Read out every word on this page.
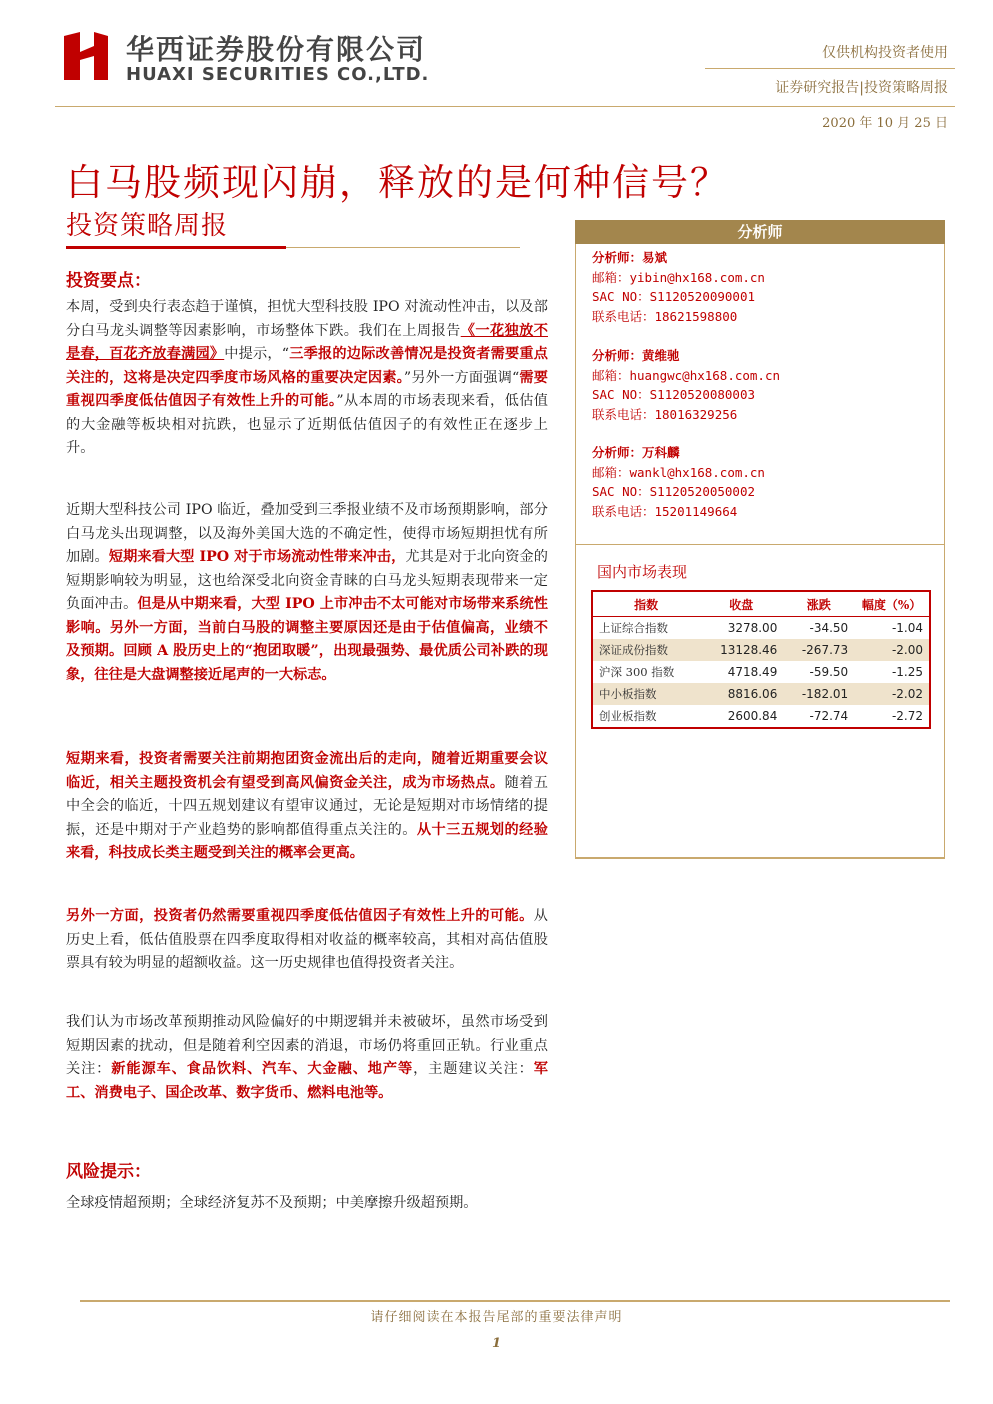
华西证券股份有限公司
HUAXI SECURITIES CO.,LTD.
仅供机构投资者使用
证券研究报告|投资策略周报
2020 年 10 月 25 日
白马股频现闪崩，释放的是何种信号？
投资策略周报
投资要点：
本周，受到央行表态趋于谨慎，担忧大型科技股 IPO 对流动性冲击，以及部分白马龙头调整等因素影响，市场整体下跌。我们在上周报告《一花独放不是春，百花齐放春满园》中提示，“三季报的边际改善情况是投资者需要重点关注的，这将是决定四季度市场风格的重要决定因素。”另外一方面强调“需要重视四季度低估值因子有效性上升的可能。”从本周的市场表现来看，低估值的大金融等板块相对抗跌，也显示了近期低估值因子的有效性正在逐步上升。
近期大型科技公司 IPO 临近，叠加受到三季报业绩不及市场预期影响，部分白马龙头出现调整，以及海外美国大选的不确定性，使得市场短期担忧有所加剧。短期来看大型 IPO 对于市场流动性带来冲击，尤其是对于北向资金的短期影响较为明显，这也给深受北向资金青睐的白马龙头短期表现带来一定负面冲击。但是从中期来看，大型 IPO 上市冲击不太可能对市场带来系统性影响。另外一方面，当前白马股的调整主要原因还是由于估值偏高，业绩不及预期。回顾 A 股历史上的“抱团取暖”，出现最强势、最优质公司补跌的现象，往往是大盘调整接近尾声的一大标志。
短期来看，投资者需要关注前期抱团资金流出后的走向，随着近期重要会议临近，相关主题投资机会有望受到高风偏资金关注，成为市场热点。随着五中全会的临近，十四五规划建议有望审议通过，无论是短期对市场情绪的提振，还是中期对于产业趋势的影响都值得重点关注的。从十三五规划的经验来看，科技成长类主题受到关注的概率会更高。
另外一方面，投资者仍然需要重视四季度低估值因子有效性上升的可能。从历史上看，低估值股票在四季度取得相对收益的概率较高，其相对高估值股票具有较为明显的超额收益。这一历史规律也值得投资者关注。
我们认为市场改革预期推动风险偏好的中期逻辑并未被破坏，虽然市场受到短期因素的扰动，但是随着利空因素的消退，市场仍将重回正轨。行业重点关注：新能源车、食品饮料、汽车、大金融、地产等，主题建议关注：军工、消费电子、国企改革、数字货币、燃料电池等。
风险提示：
全球疫情超预期；全球经济复苏不及预期；中美摩擦升级超预期。
分析师
分析师：易斌
邮箱：yibin@hx168.com.cn
SAC NO：S1120520090001
联系电话：18621598800
分析师：黄维驰
邮箱：huangwc@hx168.com.cn
SAC NO：S1120520080003
联系电话：18016329256
分析师：万科麟
邮箱：wankl@hx168.com.cn
SAC NO：S1120520050002
联系电话：15201149664
国内市场表现
指数	收盘	涨跌	幅度（%）
上证综合指数	3278.00	-34.50	-1.04
深证成份指数	13128.46	-267.73	-2.00
沪深 300 指数	4718.49	-59.50	-1.25
中小板指数	8816.06	-182.01	-2.02
创业板指数	2600.84	-72.74	-2.72
请仔细阅读在本报告尾部的重要法律声明
1
